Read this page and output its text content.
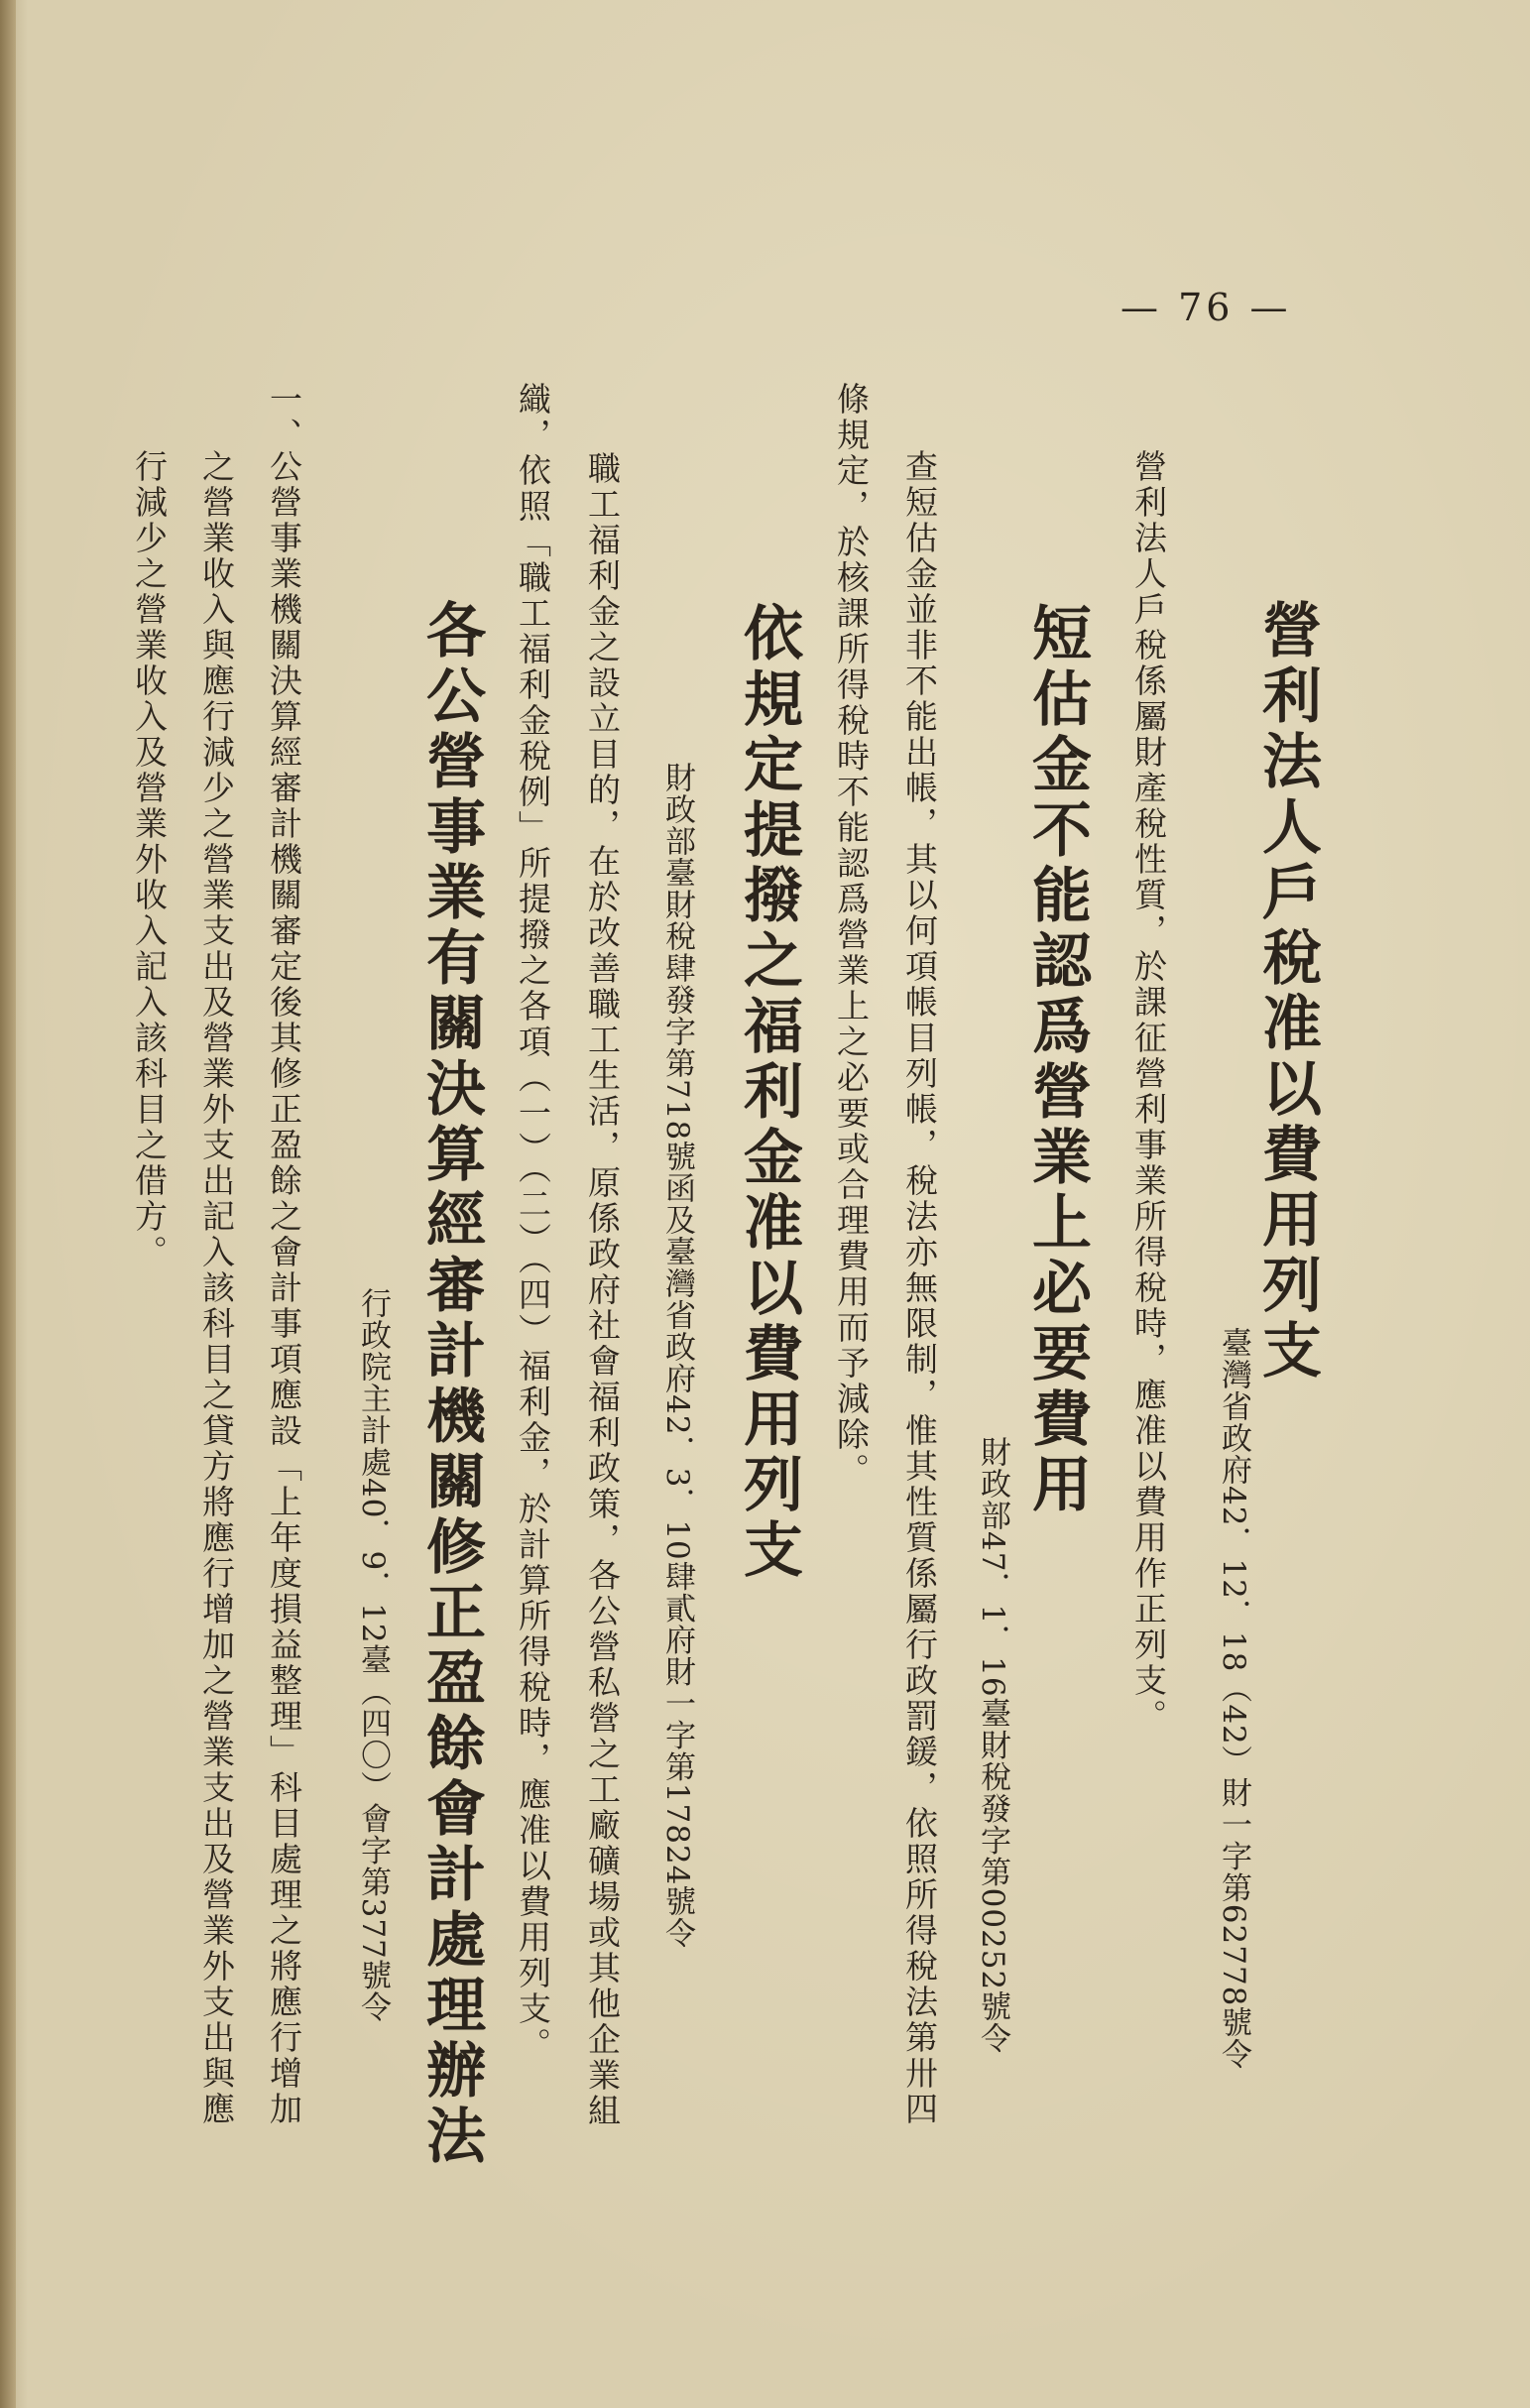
— 76 —
營利法人戶稅准以費用列支
臺灣省政府42．12．18（42）財一字第62778號令
營利法人戶稅係屬財產稅性質，於課征營利事業所得稅時，應准以費用作正列支。
短估金不能認爲營業上必要費用
財政部47．1．16臺財稅發字第00252號令
查短估金並非不能出帳，其以何項帳目列帳，稅法亦無限制，惟其性質係屬行政罰鍰，依照所得稅法第卅四
條規定，於核課所得稅時不能認爲營業上之必要或合理費用而予減除。
依規定提撥之福利金准以費用列支
財政部臺財稅肆發字第718號函及臺灣省政府42．3．10肆貳府財一字第17824號令
職工福利金之設立目的，在於改善職工生活，原係政府社會福利政策，各公營私營之工廠礦場或其他企業組
織，依照「職工福利金稅例」所提撥之各項（一）（二）（四）福利金，於計算所得稅時，應准以費用列支。
各公營事業有關決算經審計機關修正盈餘會計處理辦法
行政院主計處40．9．12臺（四〇）會字第377號令
一、
公營事業機關決算經審計機關審定後其修正盈餘之會計事項應設「上年度損益整理」科目處理之將應行增加
之營業收入與應行減少之營業支出及營業外支出記入該科目之貸方將應行增加之營業支出及營業外支出與應
行減少之營業收入及營業外收入記入該科目之借方。
